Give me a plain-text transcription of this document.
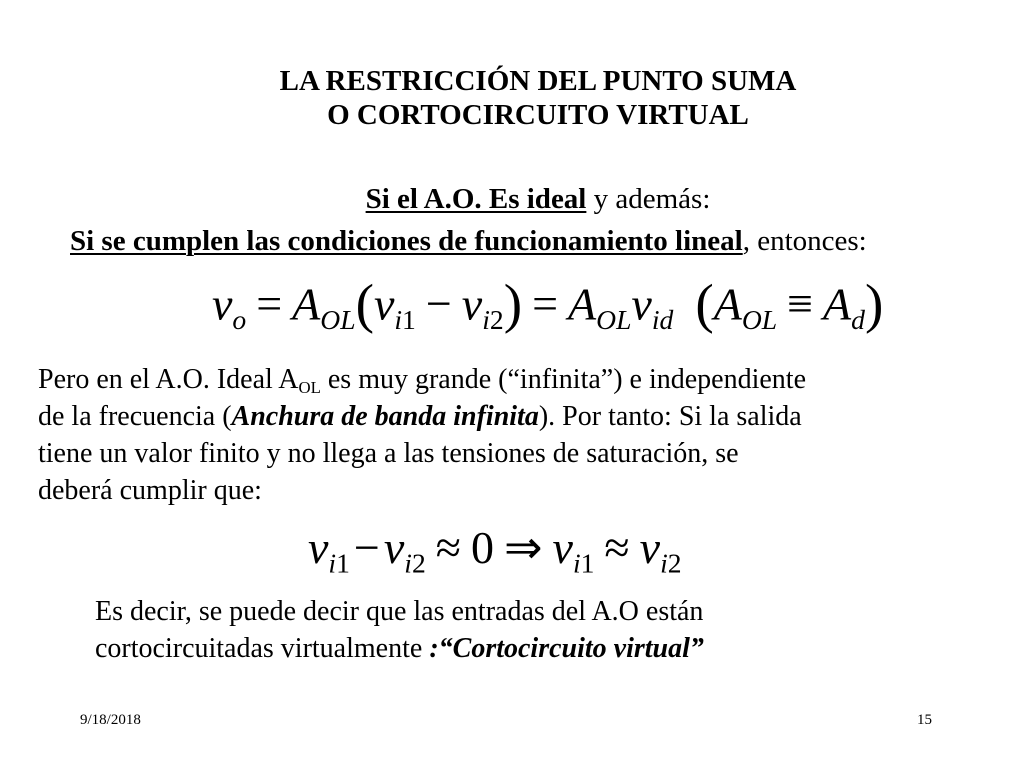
LA RESTRICCIÓN DEL PUNTO SUMA
O CORTOCIRCUITO VIRTUAL
Si el A.O. Es ideal y además:
Si se cumplen las condiciones de funcionamiento lineal, entonces:
$v_o = A_{OL}(v_{i1} - v_{i2}) = A_{OL}v_{id}$ $(A_{OL} \equiv A_d)$
Pero en el A.O. Ideal $A_{OL}$ es muy grande (“infinita”) e independiente
de la frecuencia (Anchura de banda infinita). Por tanto: Si la salida
tiene un valor finito y no llega a las tensiones de saturación, se
deberá cumplir que:
$v_{i1}-v_{i2} \approx 0$ ⇒ $v_{i1} \approx v_{i2}$
Es decir, se puede decir que las entradas del A.O están
cortocircuitadas virtualmente :“Cortocircuito virtual”
9/18/2018	15
